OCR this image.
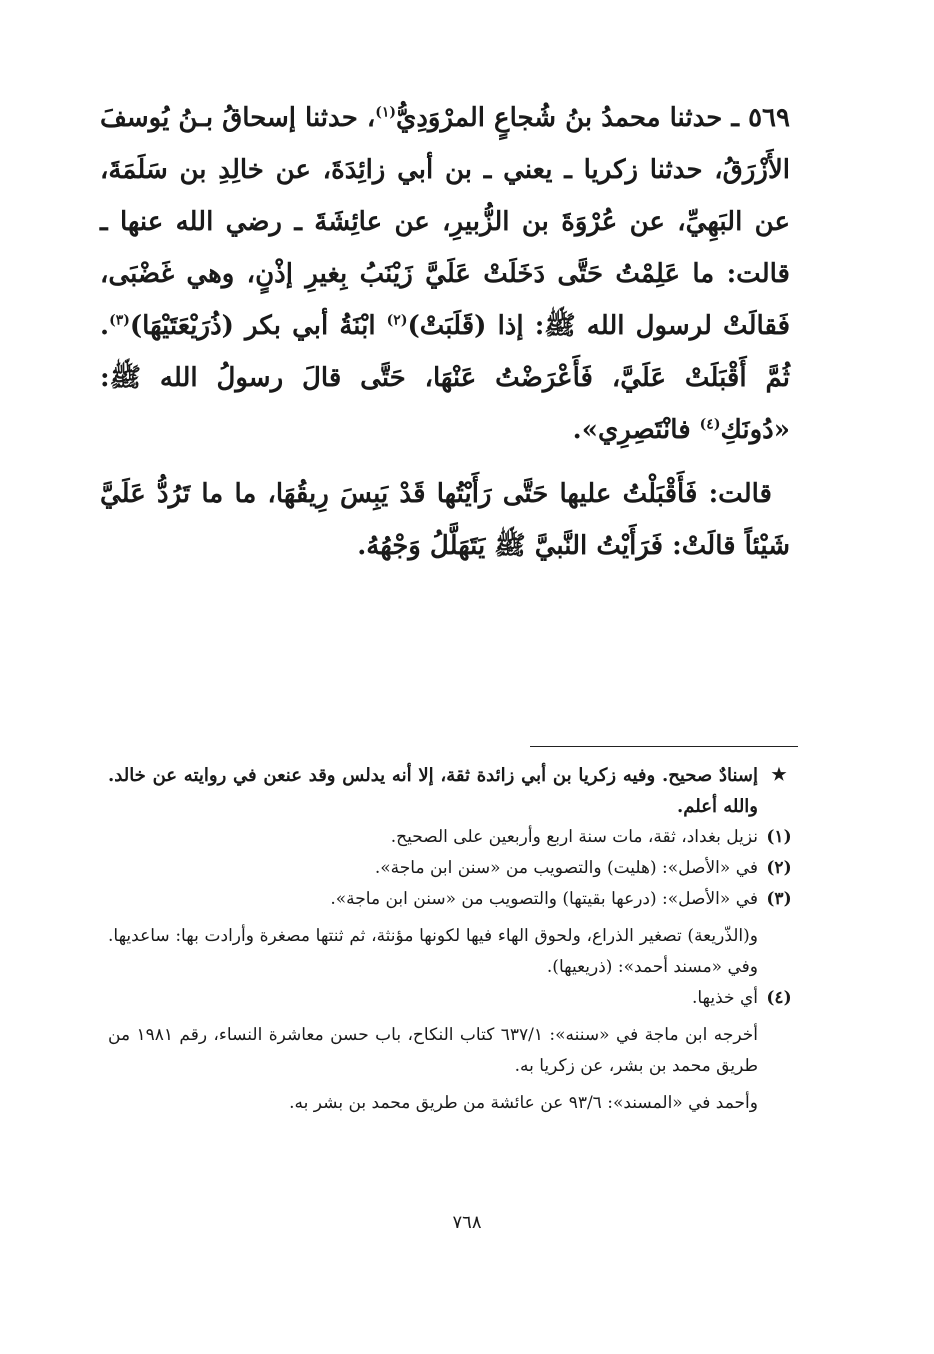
٥٦٩ ـ حدثنا محمدُ بنُ شُجاعٍ المرْوَدِيُّ$^{(١)}$، حدثنا إسحاقُ بـنُ يُوسفَ الأَزْرَقُ، حدثنا زكريا ـ يعني ـ بن أبي زائِدَةَ، عن خالِدِ بن سَلَمَةَ، عن البَهِيِّ، عن عُرْوَةَ بن الزُّبيرِ، عن عائِشَةَ ـ رضي الله عنها ـ قالت: ما عَلِمْتُ حَتَّى دَخَلَتْ عَلَيَّ زَيْنَبُ بِغيرِ إذْنٍ، وهي غَضْبَى، فَقالَتْ لرسول الله ﷺ: إذا (قَلَبَتْ)$^{(٢)}$ ابْنَةُ أبي بكر (ذُرَيْعَتَيْهَا)$^{(٣)}$. ثُمَّ أَقْبَلَتْ عَلَيَّ، فَأَعْرَضْتُ عَنْهَا، حَتَّى قالَ رسولُ الله ﷺ: «دُونَكِ$^{(٤)}$ فانْتَصِرِي».

قالت: فَأَقْبَلْتُ عليها حَتَّى رَأَيْتُها قَدْ يَبِسَ رِيقُهَا، ما ما تَرُدُّ عَلَيَّ شَيْئاً قالَتْ: فَرَأَيْتُ النَّبيَّ ﷺ يَتَهَلَّلُ وَجْهُهُ.

★

إسنادٌ صحيح. وفيه زكريا بن أبي زائدة ثقة، إلا أنه يدلس وقد عنعن في روايته عن خالد. والله أعلم.

(١)

نزيل بغداد، ثقة، مات سنة اربع وأربعين على الصحيح.

(٢)

في «الأصل»: (هليت) والتصويب من «سنن ابن ماجة».

(٣)

في «الأصل»: (درعها بقيتها) والتصويب من «سنن ابن ماجة».

و(الذّريعة) تصغير الذراع، ولحوق الهاء فيها لكونها مؤنثة، ثم ثنتها مصغرة وأرادت بها: ساعديها. وفي «مسند أحمد»: (ذريعيها).

(٤)

أي خذيها.

أخرجه ابن ماجة في «سننه»: ٦٣٧/١ كتاب النكاح، باب حسن معاشرة النساء، رقم ١٩٨١ من طريق محمد بن بشر، عن زكريا به.

وأحمد في «المسند»: ٩٣/٦ عن عائشة من طريق محمد بن بشر به.

٧٦٨
